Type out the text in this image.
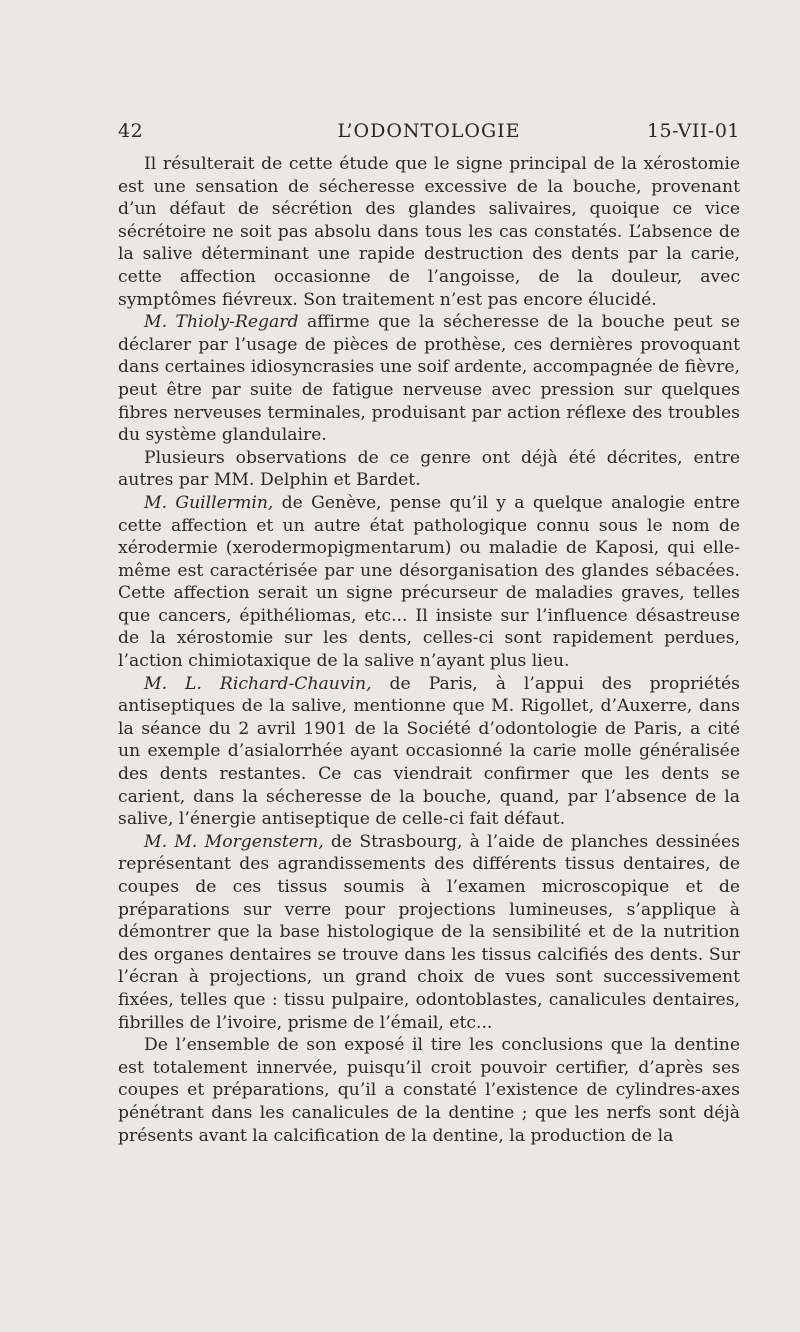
42	L’ODONTOLOGIE	15-VII-01

Il résulterait de cette étude que le signe principal de la xérostomie est une sensation de sécheresse excessive de la bouche, provenant d’un défaut de sécrétion des glandes salivaires, quoique ce vice sécrétoire ne soit pas absolu dans tous les cas constatés. L’absence de la salive déterminant une rapide destruction des dents par la carie, cette affection occasionne de l’angoisse, de la douleur, avec symptômes fiévreux. Son traitement n’est pas encore élucidé.

M. Thioly-Regard affirme que la sécheresse de la bouche peut se déclarer par l’usage de pièces de prothèse, ces dernières provoquant dans certaines idiosyncrasies une soif ardente, accompagnée de fièvre, peut être par suite de fatigue nerveuse avec pression sur quelques fibres nerveuses terminales, produisant par action réflexe des troubles du système glandulaire.

Plusieurs observations de ce genre ont déjà été décrites, entre autres par MM. Delphin et Bardet.

M. Guillermin, de Genève, pense qu’il y a quelque analogie entre cette affection et un autre état pathologique connu sous le nom de xérodermie (xerodermopigmentarum) ou maladie de Kaposi, qui elle-même est caractérisée par une désorganisation des glandes sébacées. Cette affection serait un signe précurseur de maladies graves, telles que cancers, épithéliomas, etc... Il insiste sur l’influence désastreuse de la xérostomie sur les dents, celles-ci sont rapidement perdues, l’action chimiotaxique de la salive n’ayant plus lieu.

M. L. Richard-Chauvin, de Paris, à l’appui des propriétés antiseptiques de la salive, mentionne que M. Rigollet, d’Auxerre, dans la séance du 2 avril 1901 de la Société d’odontologie de Paris, a cité un exemple d’asialorrhée ayant occasionné la carie molle généralisée des dents restantes. Ce cas viendrait confirmer que les dents se carient, dans la sécheresse de la bouche, quand, par l’absence de la salive, l’énergie antiseptique de celle-ci fait défaut.

M. M. Morgenstern, de Strasbourg, à l’aide de planches dessinées représentant des agrandissements des différents tissus dentaires, de coupes de ces tissus soumis à l’examen microscopique et de préparations sur verre pour projections lumineuses, s’applique à démontrer que la base histologique de la sensibilité et de la nutrition des organes dentaires se trouve dans les tissus calcifiés des dents. Sur l’écran à projections, un grand choix de vues sont successivement fixées, telles que : tissu pulpaire, odontoblastes, canalicules dentaires, fibrilles de l’ivoire, prisme de l’émail, etc...

De l’ensemble de son exposé il tire les conclusions que la dentine est totalement innervée, puisqu’il croit pouvoir certifier, d’après ses coupes et préparations, qu’il a constaté l’existence de cylindres-axes pénétrant dans les canalicules de la dentine ; que les nerfs sont déjà présents avant la calcification de la dentine, la production de la
